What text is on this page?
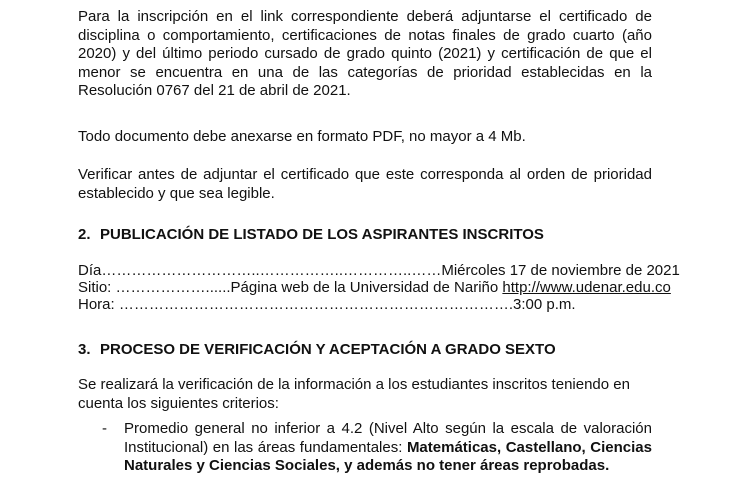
Para la inscripción en el link correspondiente deberá adjuntarse el certificado de disciplina o comportamiento, certificaciones de notas finales de grado cuarto (año 2020) y del último periodo cursado de grado quinto (2021) y certificación de que el menor se encuentra en una de las categorías de prioridad establecidas en la Resolución 0767 del 21 de abril de 2021.
Todo documento debe anexarse en formato PDF, no mayor a 4 Mb.
Verificar antes de adjuntar el certificado que este corresponda al orden de prioridad establecido y que sea legible.
2. PUBLICACIÓN DE LISTADO DE LOS ASPIRANTES INSCRITOS
Día…………………………..……………..…………..……Miércoles 17 de noviembre de 2021
Sitio: ………………......Página web de la Universidad de Nariño http://www.udenar.edu.co
Hora: …………………………………………………………………….3:00 p.m.
3. PROCESO DE VERIFICACIÓN Y ACEPTACIÓN A GRADO SEXTO
Se realizará la verificación de la información a los estudiantes inscritos teniendo en cuenta los siguientes criterios:
- Promedio general no inferior a 4.2 (Nivel Alto según la escala de valoración Institucional) en las áreas fundamentales: Matemáticas, Castellano, Ciencias Naturales y Ciencias Sociales, y además no tener áreas reprobadas.
